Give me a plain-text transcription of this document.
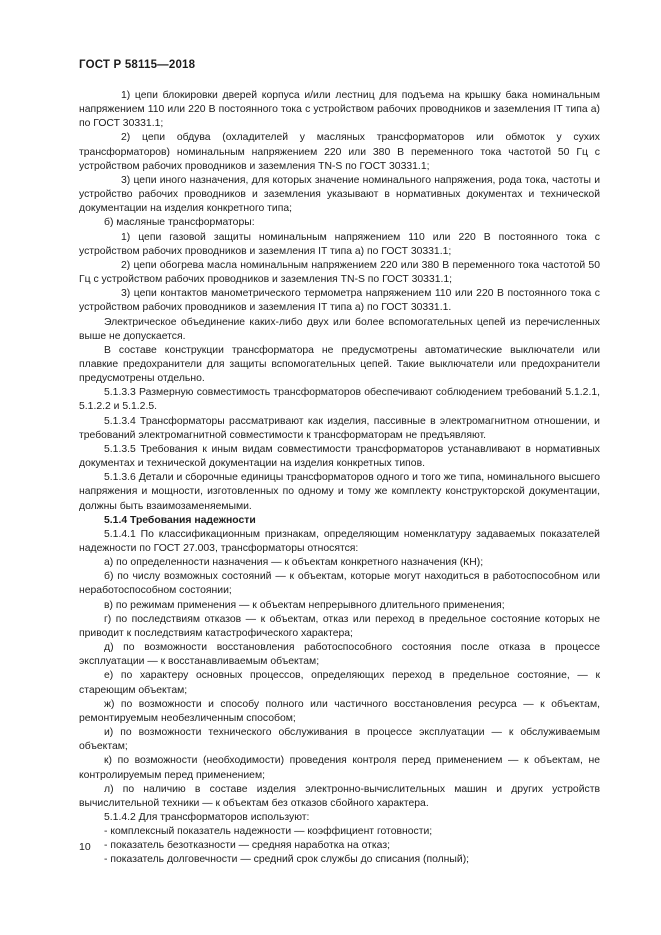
ГОСТ Р 58115—2018

1) цепи блокировки дверей корпуса и/или лестниц для подъема на крышку бака номинальным напряжением 110 или 220 В постоянного тока с устройством рабочих проводников и заземления IT типа а) по ГОСТ 30331.1;

2) цепи обдува (охладителей у масляных трансформаторов или обмоток у сухих трансформаторов) номинальным напряжением 220 или 380 В переменного тока частотой 50 Гц с устройством рабочих проводников и заземления TN-S по ГОСТ 30331.1;

3) цепи иного назначения, для которых значение номинального напряжения, рода тока, частоты и устройство рабочих проводников и заземления указывают в нормативных документах и технической документации на изделия конкретного типа;

б) масляные трансформаторы:

1) цепи газовой защиты номинальным напряжением 110 или 220 В постоянного тока с устройством рабочих проводников и заземления IT типа а) по ГОСТ 30331.1;

2) цепи обогрева масла номинальным напряжением 220 или 380 В переменного тока частотой 50 Гц с устройством рабочих проводников и заземления TN-S по ГОСТ 30331.1;

3) цепи контактов манометрического термометра напряжением 110 или 220 В постоянного тока с устройством рабочих проводников и заземления IT типа а) по ГОСТ 30331.1.

Электрическое объединение каких-либо двух или более вспомогательных цепей из перечисленных выше не допускается.

В составе конструкции трансформатора не предусмотрены автоматические выключатели или плавкие предохранители для защиты вспомогательных цепей. Такие выключатели или предохранители предусмотрены отдельно.

5.1.3.3 Размерную совместимость трансформаторов обеспечивают соблюдением требований 5.1.2.1, 5.1.2.2 и 5.1.2.5.

5.1.3.4 Трансформаторы рассматривают как изделия, пассивные в электромагнитном отношении, и требований электромагнитной совместимости к трансформаторам не предъявляют.

5.1.3.5 Требования к иным видам совместимости трансформаторов устанавливают в нормативных документах и технической документации на изделия конкретных типов.

5.1.3.6 Детали и сборочные единицы трансформаторов одного и того же типа, номинального высшего напряжения и мощности, изготовленных по одному и тому же комплекту конструкторской документации, должны быть взаимозаменяемыми.

5.1.4 Требования надежности

5.1.4.1 По классификационным признакам, определяющим номенклатуру задаваемых показателей надежности по ГОСТ 27.003, трансформаторы относятся:

а) по определенности назначения — к объектам конкретного назначения (КН);

б) по числу возможных состояний — к объектам, которые могут находиться в работоспособном или неработоспособном состоянии;

в) по режимам применения — к объектам непрерывного длительного применения;

г) по последствиям отказов — к объектам, отказ или переход в предельное состояние которых не приводит к последствиям катастрофического характера;

д) по возможности восстановления работоспособного состояния после отказа в процессе эксплуатации — к восстанавливаемым объектам;

е) по характеру основных процессов, определяющих переход в предельное состояние, — к стареющим объектам;

ж) по возможности и способу полного или частичного восстановления ресурса — к объектам, ремонтируемым необезличенным способом;

и) по возможности технического обслуживания в процессе эксплуатации — к обслуживаемым объектам;

к) по возможности (необходимости) проведения контроля перед применением — к объектам, не контролируемым перед применением;

л) по наличию в составе изделия электронно-вычислительных машин и других устройств вычислительной техники — к объектам без отказов сбойного характера.

5.1.4.2 Для трансформаторов используют:

- комплексный показатель надежности — коэффициент готовности;

- показатель безотказности — средняя наработка на отказ;

- показатель долговечности — средний срок службы до списания (полный);

10
